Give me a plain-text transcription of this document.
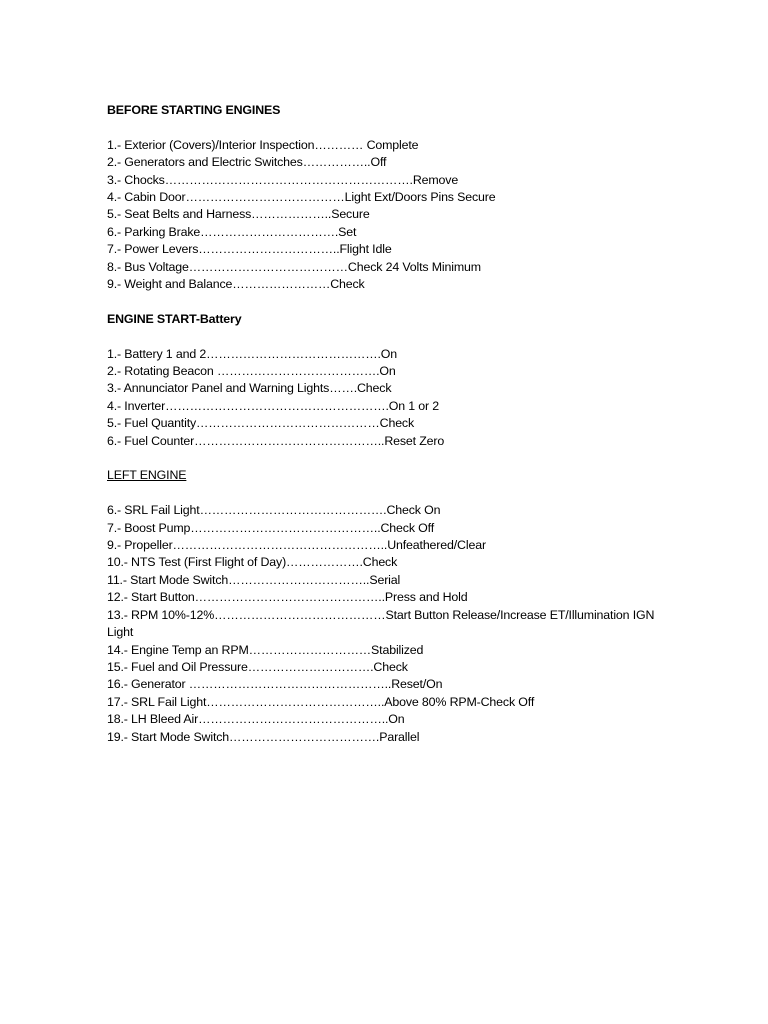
BEFORE STARTING ENGINES

1.- Exterior (Covers)/Interior Inspection………… Complete
2.- Generators and Electric Switches……………..Off
3.- Chocks…………………………………………………….Remove
4.- Cabin Door…………………………………Light Ext/Doors Pins Secure
5.- Seat Belts and Harness………………..Secure
6.- Parking Brake…………………………….Set
7.- Power Levers……………………………..Flight Idle
8.- Bus Voltage…………………………………Check 24 Volts Minimum
9.- Weight and Balance……………………Check

ENGINE START-Battery

1.- Battery 1 and 2…………………………………….On
2.- Rotating Beacon ………………………………….On
3.- Annunciator Panel and Warning Lights…….Check
4.- Inverter……………………………………………….On 1 or 2
5.- Fuel Quantity………………………………………Check
6.- Fuel Counter………………………………………..Reset Zero

LEFT ENGINE

6.- SRL Fail Light……………………………………….Check On
7.- Boost Pump………………………………………..Check Off
9.- Propeller……………………………………………..Unfeathered/Clear
10.- NTS Test (First Flight of Day)……………….Check
11.- Start Mode Switch……………………………..Serial
12.- Start Button………………………………………..Press and Hold
13.- RPM 10%-12%……………………………………Start Button Release/Increase ET/Illumination IGN Light
14.- Engine Temp an RPM…………………………Stabilized
15.- Fuel and Oil Pressure………………………….Check
16.- Generator …………………………………………..Reset/On
17.- SRL Fail Light……………………………………..Above 80% RPM-Check Off
18.- LH Bleed Air………………………………………..On
19.- Start Mode Switch……………………………….Parallel
